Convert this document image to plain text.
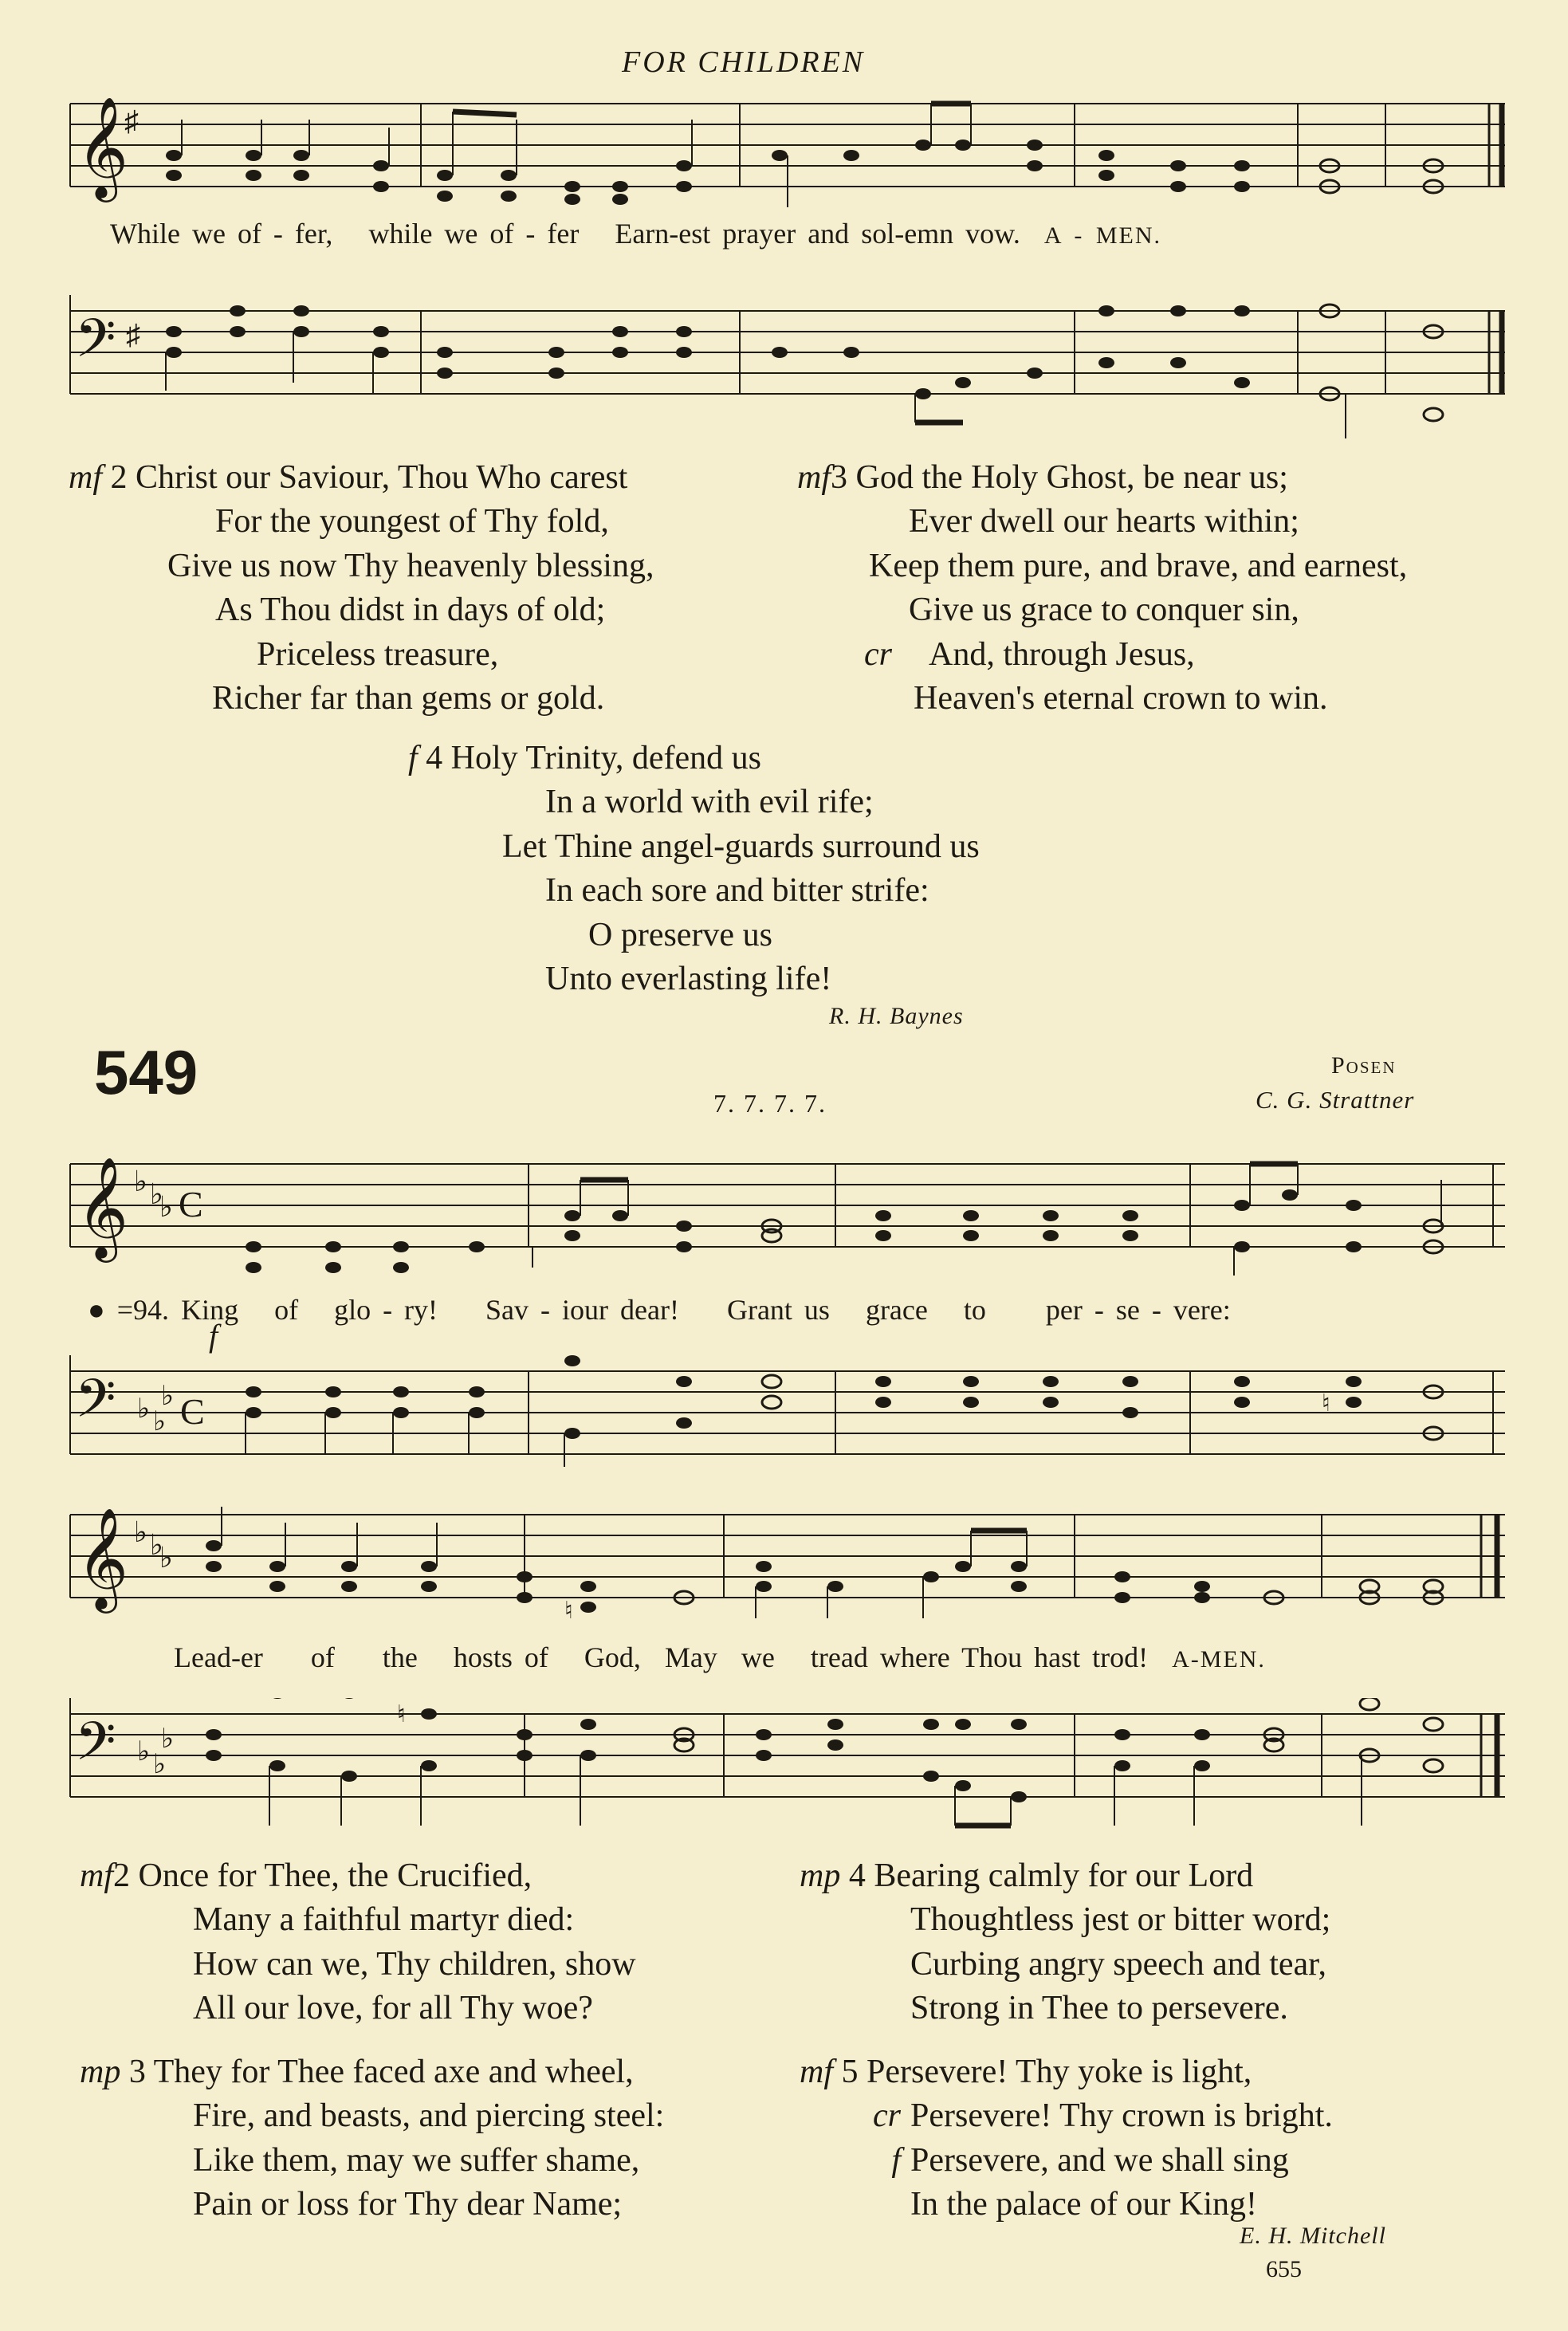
FOR CHILDREN
𝄞
♯
While we of - fer, while we of - fer Earn-est prayer and sol-emn vow. A - MEN.
𝄢 ♯
mf 2 Christ our Saviour, Thou Who carest
For the youngest of Thy fold,
Give us now Thy heavenly blessing,
As Thou didst in days of old;
Priceless treasure,
Richer far than gems or gold.
mf3 God the Holy Ghost, be near us;
Ever dwell our hearts within;
Keep them pure, and brave, and earnest,
Give us grace to conquer sin,
cr And, through Jesus,
Heaven's eternal crown to win.
f 4 Holy Trinity, defend us
In a world with evil rife;
Let Thine angel-guards surround us
In each sore and bitter strife:
O preserve us
Unto everlasting life!
R. H. Baynes
549	7. 7. 7. 7.
Posen
C. G. Strattner
𝄞 ♭ ♭
♭ C
● =94. King of glo - ry! Sav - iour dear! Grant us grace to per - se - vere:
f
𝄢 ♭ ♭
♭ C	♮
𝄞 ♭ ♭
♭
♮
Lead-er of the hosts of God, May we tread where Thou hast trod! A-MEN.
𝄢 ♭ ♭
♭
♮
mf2 Once for Thee, the Crucified,
Many a faithful martyr died:
How can we, Thy children, show
All our love, for all Thy woe?
mp 3 They for Thee faced axe and wheel,
Fire, and beasts, and piercing steel:
Like them, may we suffer shame,
Pain or loss for Thy dear Name;
mp 4 Bearing calmly for our Lord
Thoughtless jest or bitter word;
Curbing angry speech and tear,
Strong in Thee to persevere.
mf 5 Persevere! Thy yoke is light,
cr
f
Persevere! Thy crown is bright.
Persevere, and we shall sing
In the palace of our King!
E. H. Mitchell
655
